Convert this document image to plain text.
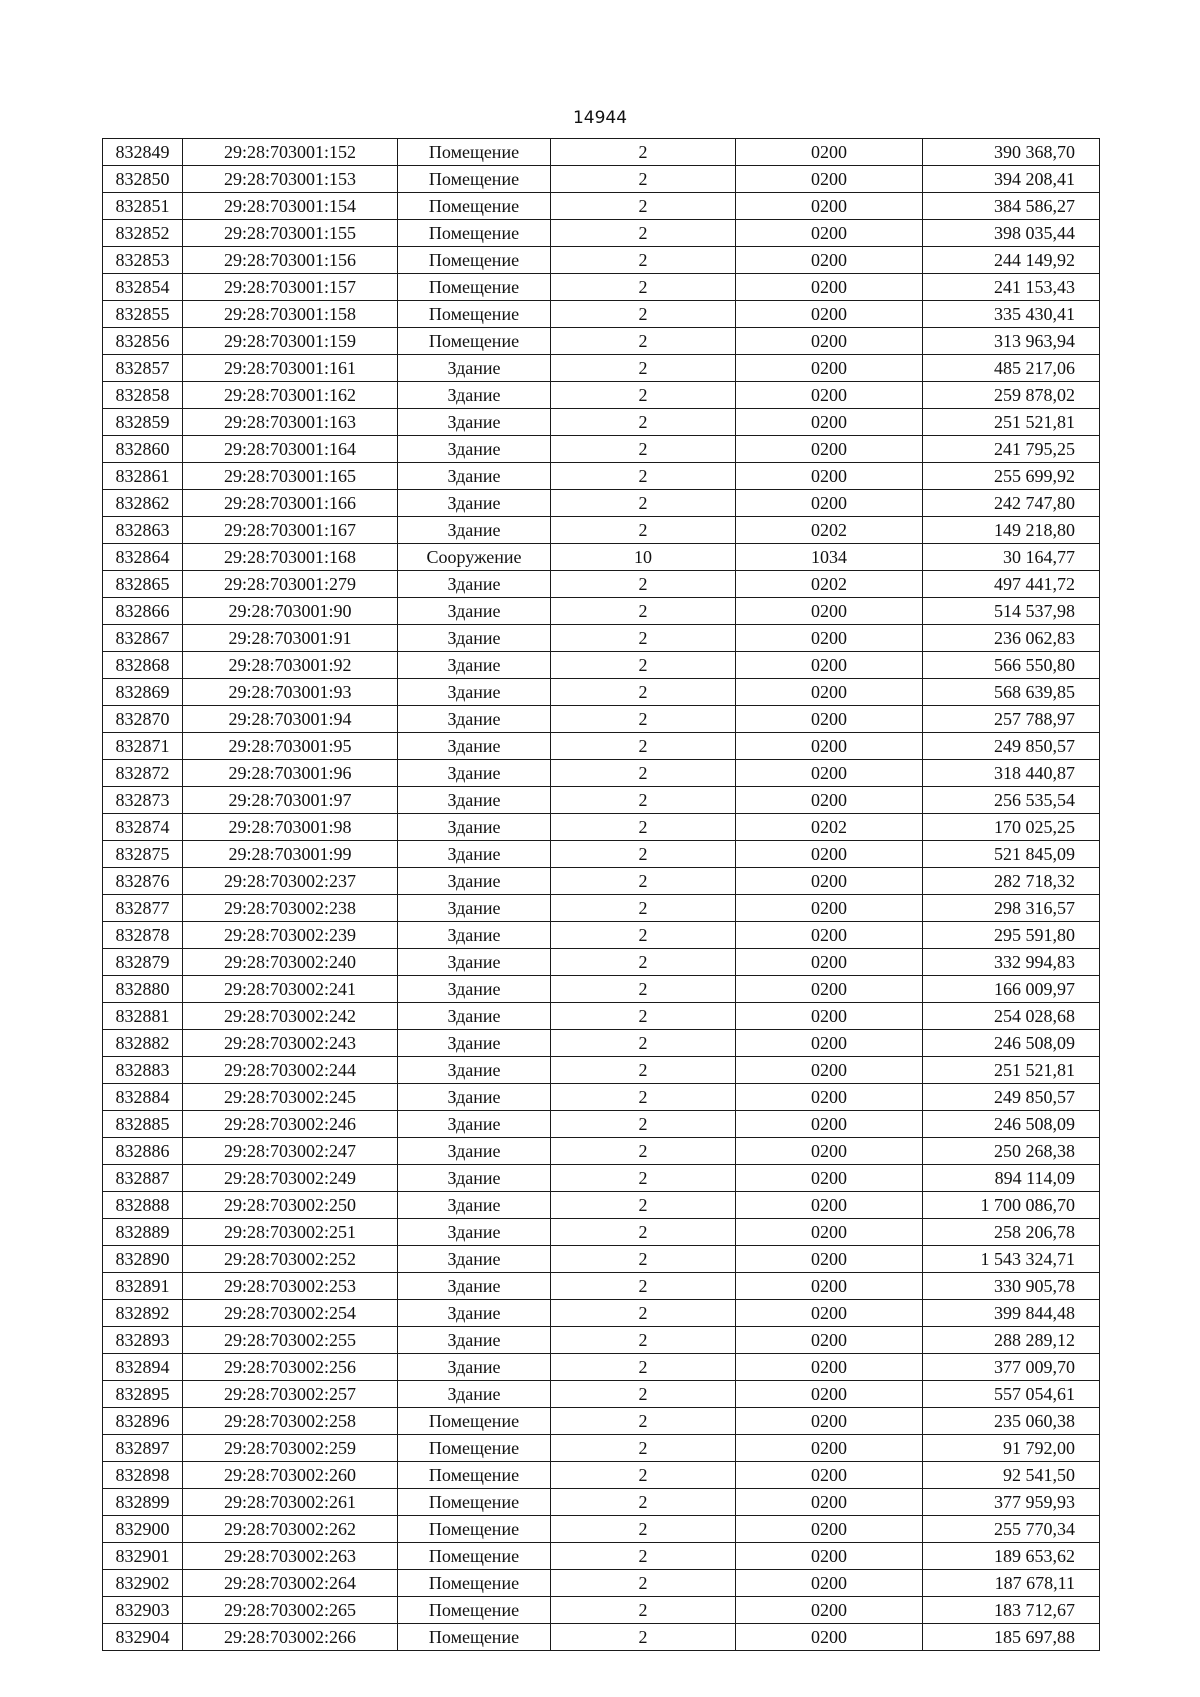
14944
832849	29:28:703001:152	Помещение	2	0200	390 368,70
832850	29:28:703001:153	Помещение	2	0200	394 208,41
832851	29:28:703001:154	Помещение	2	0200	384 586,27
832852	29:28:703001:155	Помещение	2	0200	398 035,44
832853	29:28:703001:156	Помещение	2	0200	244 149,92
832854	29:28:703001:157	Помещение	2	0200	241 153,43
832855	29:28:703001:158	Помещение	2	0200	335 430,41
832856	29:28:703001:159	Помещение	2	0200	313 963,94
832857	29:28:703001:161	Здание	2	0200	485 217,06
832858	29:28:703001:162	Здание	2	0200	259 878,02
832859	29:28:703001:163	Здание	2	0200	251 521,81
832860	29:28:703001:164	Здание	2	0200	241 795,25
832861	29:28:703001:165	Здание	2	0200	255 699,92
832862	29:28:703001:166	Здание	2	0200	242 747,80
832863	29:28:703001:167	Здание	2	0202	149 218,80
832864	29:28:703001:168	Сооружение	10	1034	30 164,77
832865	29:28:703001:279	Здание	2	0202	497 441,72
832866	29:28:703001:90	Здание	2	0200	514 537,98
832867	29:28:703001:91	Здание	2	0200	236 062,83
832868	29:28:703001:92	Здание	2	0200	566 550,80
832869	29:28:703001:93	Здание	2	0200	568 639,85
832870	29:28:703001:94	Здание	2	0200	257 788,97
832871	29:28:703001:95	Здание	2	0200	249 850,57
832872	29:28:703001:96	Здание	2	0200	318 440,87
832873	29:28:703001:97	Здание	2	0200	256 535,54
832874	29:28:703001:98	Здание	2	0202	170 025,25
832875	29:28:703001:99	Здание	2	0200	521 845,09
832876	29:28:703002:237	Здание	2	0200	282 718,32
832877	29:28:703002:238	Здание	2	0200	298 316,57
832878	29:28:703002:239	Здание	2	0200	295 591,80
832879	29:28:703002:240	Здание	2	0200	332 994,83
832880	29:28:703002:241	Здание	2	0200	166 009,97
832881	29:28:703002:242	Здание	2	0200	254 028,68
832882	29:28:703002:243	Здание	2	0200	246 508,09
832883	29:28:703002:244	Здание	2	0200	251 521,81
832884	29:28:703002:245	Здание	2	0200	249 850,57
832885	29:28:703002:246	Здание	2	0200	246 508,09
832886	29:28:703002:247	Здание	2	0200	250 268,38
832887	29:28:703002:249	Здание	2	0200	894 114,09
832888	29:28:703002:250	Здание	2	0200	1 700 086,70
832889	29:28:703002:251	Здание	2	0200	258 206,78
832890	29:28:703002:252	Здание	2	0200	1 543 324,71
832891	29:28:703002:253	Здание	2	0200	330 905,78
832892	29:28:703002:254	Здание	2	0200	399 844,48
832893	29:28:703002:255	Здание	2	0200	288 289,12
832894	29:28:703002:256	Здание	2	0200	377 009,70
832895	29:28:703002:257	Здание	2	0200	557 054,61
832896	29:28:703002:258	Помещение	2	0200	235 060,38
832897	29:28:703002:259	Помещение	2	0200	91 792,00
832898	29:28:703002:260	Помещение	2	0200	92 541,50
832899	29:28:703002:261	Помещение	2	0200	377 959,93
832900	29:28:703002:262	Помещение	2	0200	255 770,34
832901	29:28:703002:263	Помещение	2	0200	189 653,62
832902	29:28:703002:264	Помещение	2	0200	187 678,11
832903	29:28:703002:265	Помещение	2	0200	183 712,67
832904	29:28:703002:266	Помещение	2	0200	185 697,88
